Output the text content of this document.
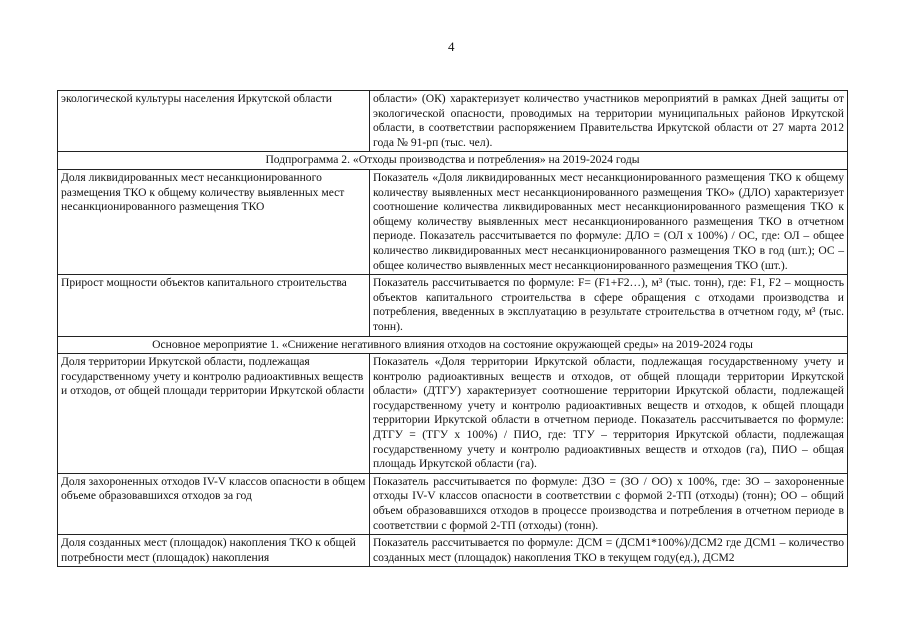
4
экологической культуры населения Иркутской области	области» (ОК) характеризует количество участников мероприятий в рамках Дней защиты от экологической опасности, проводимых на территории муниципальных районов Иркутской области, в соответствии распоряжением Правительства Иркутской области от 27 марта 2012 года № 91-рп (тыс. чел).
Подпрограмма 2. «Отходы производства и потребления» на 2019-2024 годы	
Доля ликвидированных мест несанкционированного размещения ТКО к общему количеству выявленных мест несанкционированного размещения ТКО	Показатель «Доля ликвидированных мест несанкционированного размещения ТКО к общему количеству выявленных мест несанкционированного размещения ТКО» (ДЛО) характеризует соотношение количества ликвидированных мест несанкционированного размещения ТКО к общему количеству выявленных мест несанкционированного размещения ТКО в отчетном периоде. Показатель рассчитывается по формуле: ДЛО = (ОЛ х 100%) / ОС, где: ОЛ – общее количество ликвидированных мест несанкционированного размещения ТКО в год (шт.); ОС – общее количество выявленных мест несанкционированного размещения ТКО (шт.).
Прирост мощности объектов капитального строительства	Показатель рассчитывается по формуле: F= (F1+F2…), м³ (тыс. тонн), где: F1, F2 – мощность объектов капитального строительства в сфере обращения с отходами производства и потребления, введенных в эксплуатацию в результате строительства в отчетном году, м³ (тыс. тонн).
Основное мероприятие 1. «Снижение негативного влияния отходов на состояние окружающей среды» на 2019-2024 годы	
Доля территории Иркутской области, подлежащая государственному учету и контролю радиоактивных веществ и отходов, от общей площади территории Иркутской области	Показатель «Доля территории Иркутской области, подлежащая государственному учету и контролю радиоактивных веществ и отходов, от общей площади территории Иркутской области» (ДТГУ) характеризует соотношение территории Иркутской области, подлежащей государственному учету и контролю радиоактивных веществ и отходов, к общей площади территории Иркутской области в отчетном периоде. Показатель рассчитывается по формуле: ДТГУ = (ТГУ х 100%) / ПИО, где: ТГУ – территория Иркутской области, подлежащая государственному учету и контролю радиоактивных веществ и отходов (га), ПИО – общая площадь Иркутской области (га).
Доля захороненных отходов IV-V классов опасности в общем объеме образовавшихся отходов за год	Показатель рассчитывается по формуле: ДЗО = (ЗО / ОО) х 100%, где: ЗО – захороненные отходы IV-V классов опасности в соответствии с формой 2-ТП (отходы) (тонн); ОО – общий объем образовавшихся отходов в процессе производства и потребления в отчетном периоде в соответствии с формой 2-ТП (отходы) (тонн).
Доля созданных мест (площадок) накопления ТКО к общей потребности мест (площадок) накопления	Показатель рассчитывается по формуле: ДСМ = (ДСМ1*100%)/ДСМ2 где ДСМ1 – количество созданных мест (площадок) накопления ТКО в текущем году(ед.), ДСМ2
